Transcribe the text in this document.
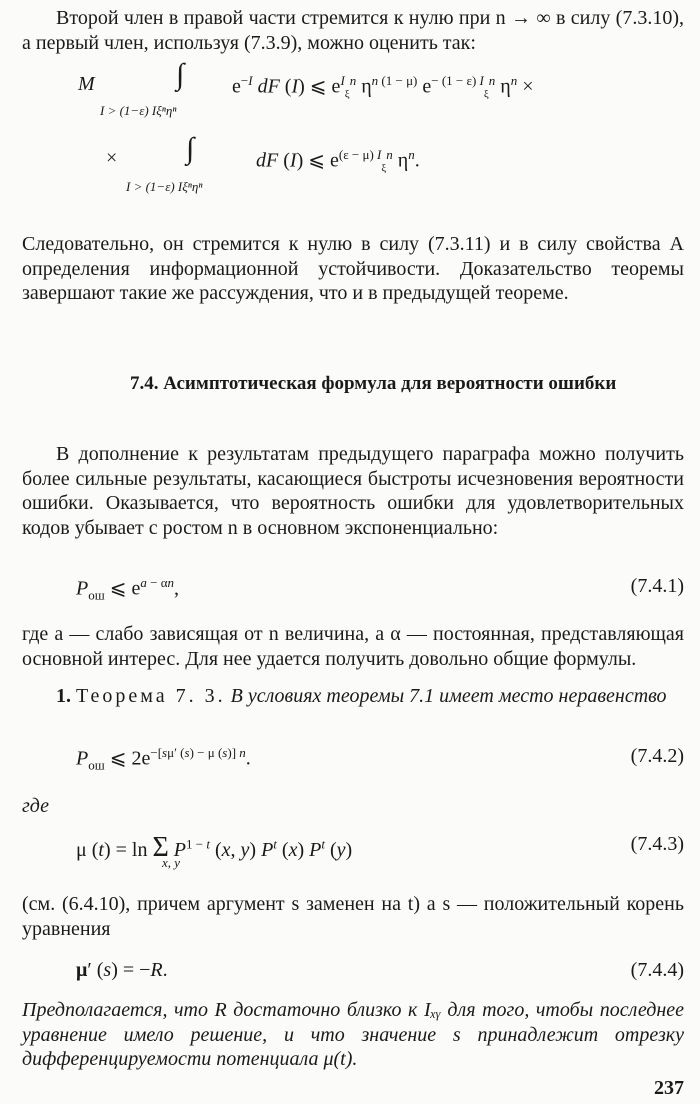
Второй член в правой части стремится к нулю при n → ∞ в силу (7.3.10), а первый член, используя (7.3.9), можно оценить так:

M	∫ $e^{-I}$ dF (I) ⩽ $e^I_\xi^n$ $\eta^{n (1 - \mu)}$ $e^{- (1 - \varepsilon) I}_\xi^n$ $\eta^n$ ×
I > (1−ε) Iξⁿηⁿ
× ∫	dF (I) ⩽ $e^{(\varepsilon - \mu) I}_\xi^n$ $\eta^n$.
I > (1−ε) Iξⁿηⁿ

Следовательно, он стремится к нулю в силу (7.3.11) и в силу свойства А определения информационной устойчивости. Доказательство теоремы завершают такие же рассуждения, что и в предыдущей теореме.

7.4. Асимптотическая формула для вероятности ошибки

В дополнение к результатам предыдущего параграфа можно получить более сильные результаты, касающиеся быстроты исчезновения вероятности ошибки. Оказывается, что вероятность ошибки для удовлетворительных кодов убывает с ростом n в основном экспоненциально:

$P_{ош}$ ⩽ $e^{a - \alpha n}$,	(7.4.1)

где a — слабо зависящая от n величина, а α — постоянная, представляющая основной интерес. Для нее удается получить довольно общие формулы.

1. Теорема 7. 3. В условиях теоремы 7.1 имеет место неравенство

$P_{ош}$ ⩽ $2e^{-[s\mu' (s) - \mu (s)] n}$.	(7.4.2)
где
μ (t) = ln Σ $P^{1 - t}$ (x, y) $P^t$ (x) $P^t$ (y)
x, y
(7.4.3)

(см. (6.4.10), причем аргумент s заменен на t) а s — положительный корень уравнения

μ′ (s) = −R.	(7.4.4)

Предполагается, что R достаточно близко к Iₓᵧ для того, чтобы последнее уравнение имело решение, и что значение s принадлежит отрезку дифференцируемости потенциала μ(t).

237
